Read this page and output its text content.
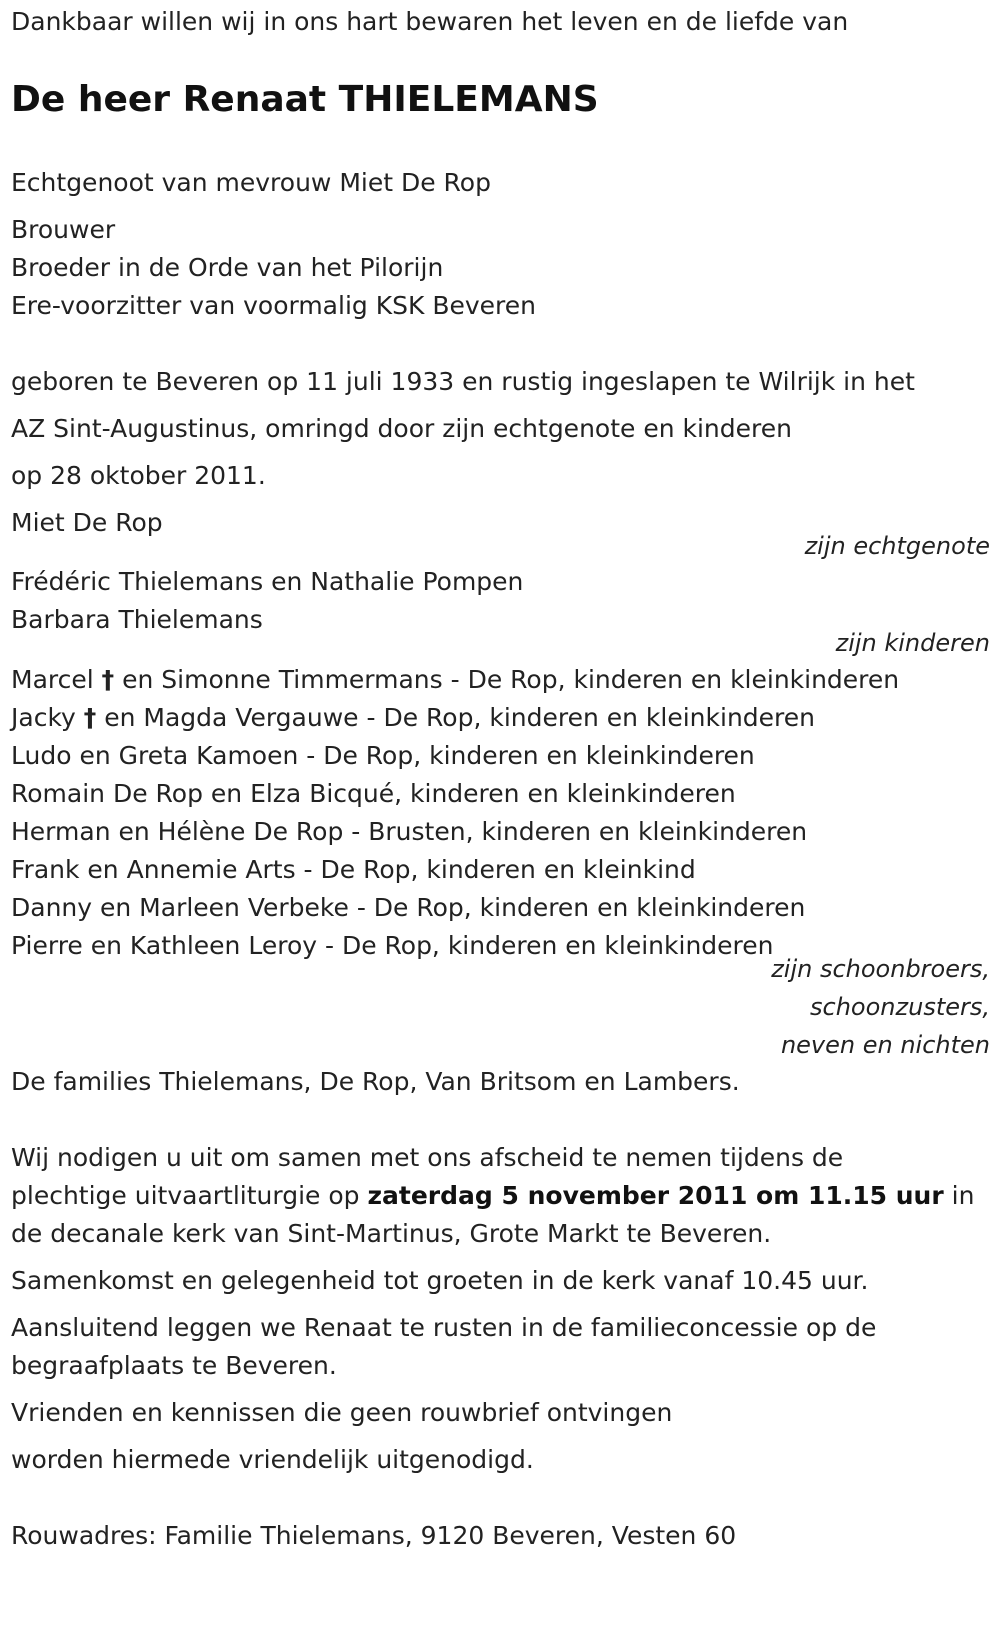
Dankbaar willen wij in ons hart bewaren het leven en de liefde van
De heer Renaat THIELEMANS
Echtgenoot van mevrouw Miet De Rop
Brouwer
Broeder in de Orde van het Pilorijn
Ere-voorzitter van voormalig KSK Beveren
geboren te Beveren op 11 juli 1933 en rustig ingeslapen te Wilrijk in het
AZ Sint-Augustinus, omringd door zijn echtgenote en kinderen
op 28 oktober 2011.
Miet De Rop
zijn echtgenote
Frédéric Thielemans en Nathalie Pompen
Barbara Thielemans
zijn kinderen
Marcel † en Simonne Timmermans - De Rop, kinderen en kleinkinderen
Jacky † en Magda Vergauwe - De Rop, kinderen en kleinkinderen
Ludo en Greta Kamoen - De Rop, kinderen en kleinkinderen
Romain De Rop en Elza Bicqué, kinderen en kleinkinderen
Herman en Hélène De Rop - Brusten, kinderen en kleinkinderen
Frank en Annemie Arts - De Rop, kinderen en kleinkind
Danny en Marleen Verbeke - De Rop, kinderen en kleinkinderen
Pierre en Kathleen Leroy - De Rop, kinderen en kleinkinderen
zijn schoonbroers,
schoonzusters,
neven en nichten
De families Thielemans, De Rop, Van Britsom en Lambers.
Wij nodigen u uit om samen met ons afscheid te nemen tijdens de
plechtige uitvaartliturgie op zaterdag 5 november 2011 om 11.15 uur in
de decanale kerk van Sint-Martinus, Grote Markt te Beveren.
Samenkomst en gelegenheid tot groeten in de kerk vanaf 10.45 uur.
Aansluitend leggen we Renaat te rusten in de familieconcessie op de
begraafplaats te Beveren.
Vrienden en kennissen die geen rouwbrief ontvingen
worden hiermede vriendelijk uitgenodigd.
Rouwadres: Familie Thielemans, 9120 Beveren, Vesten 60
